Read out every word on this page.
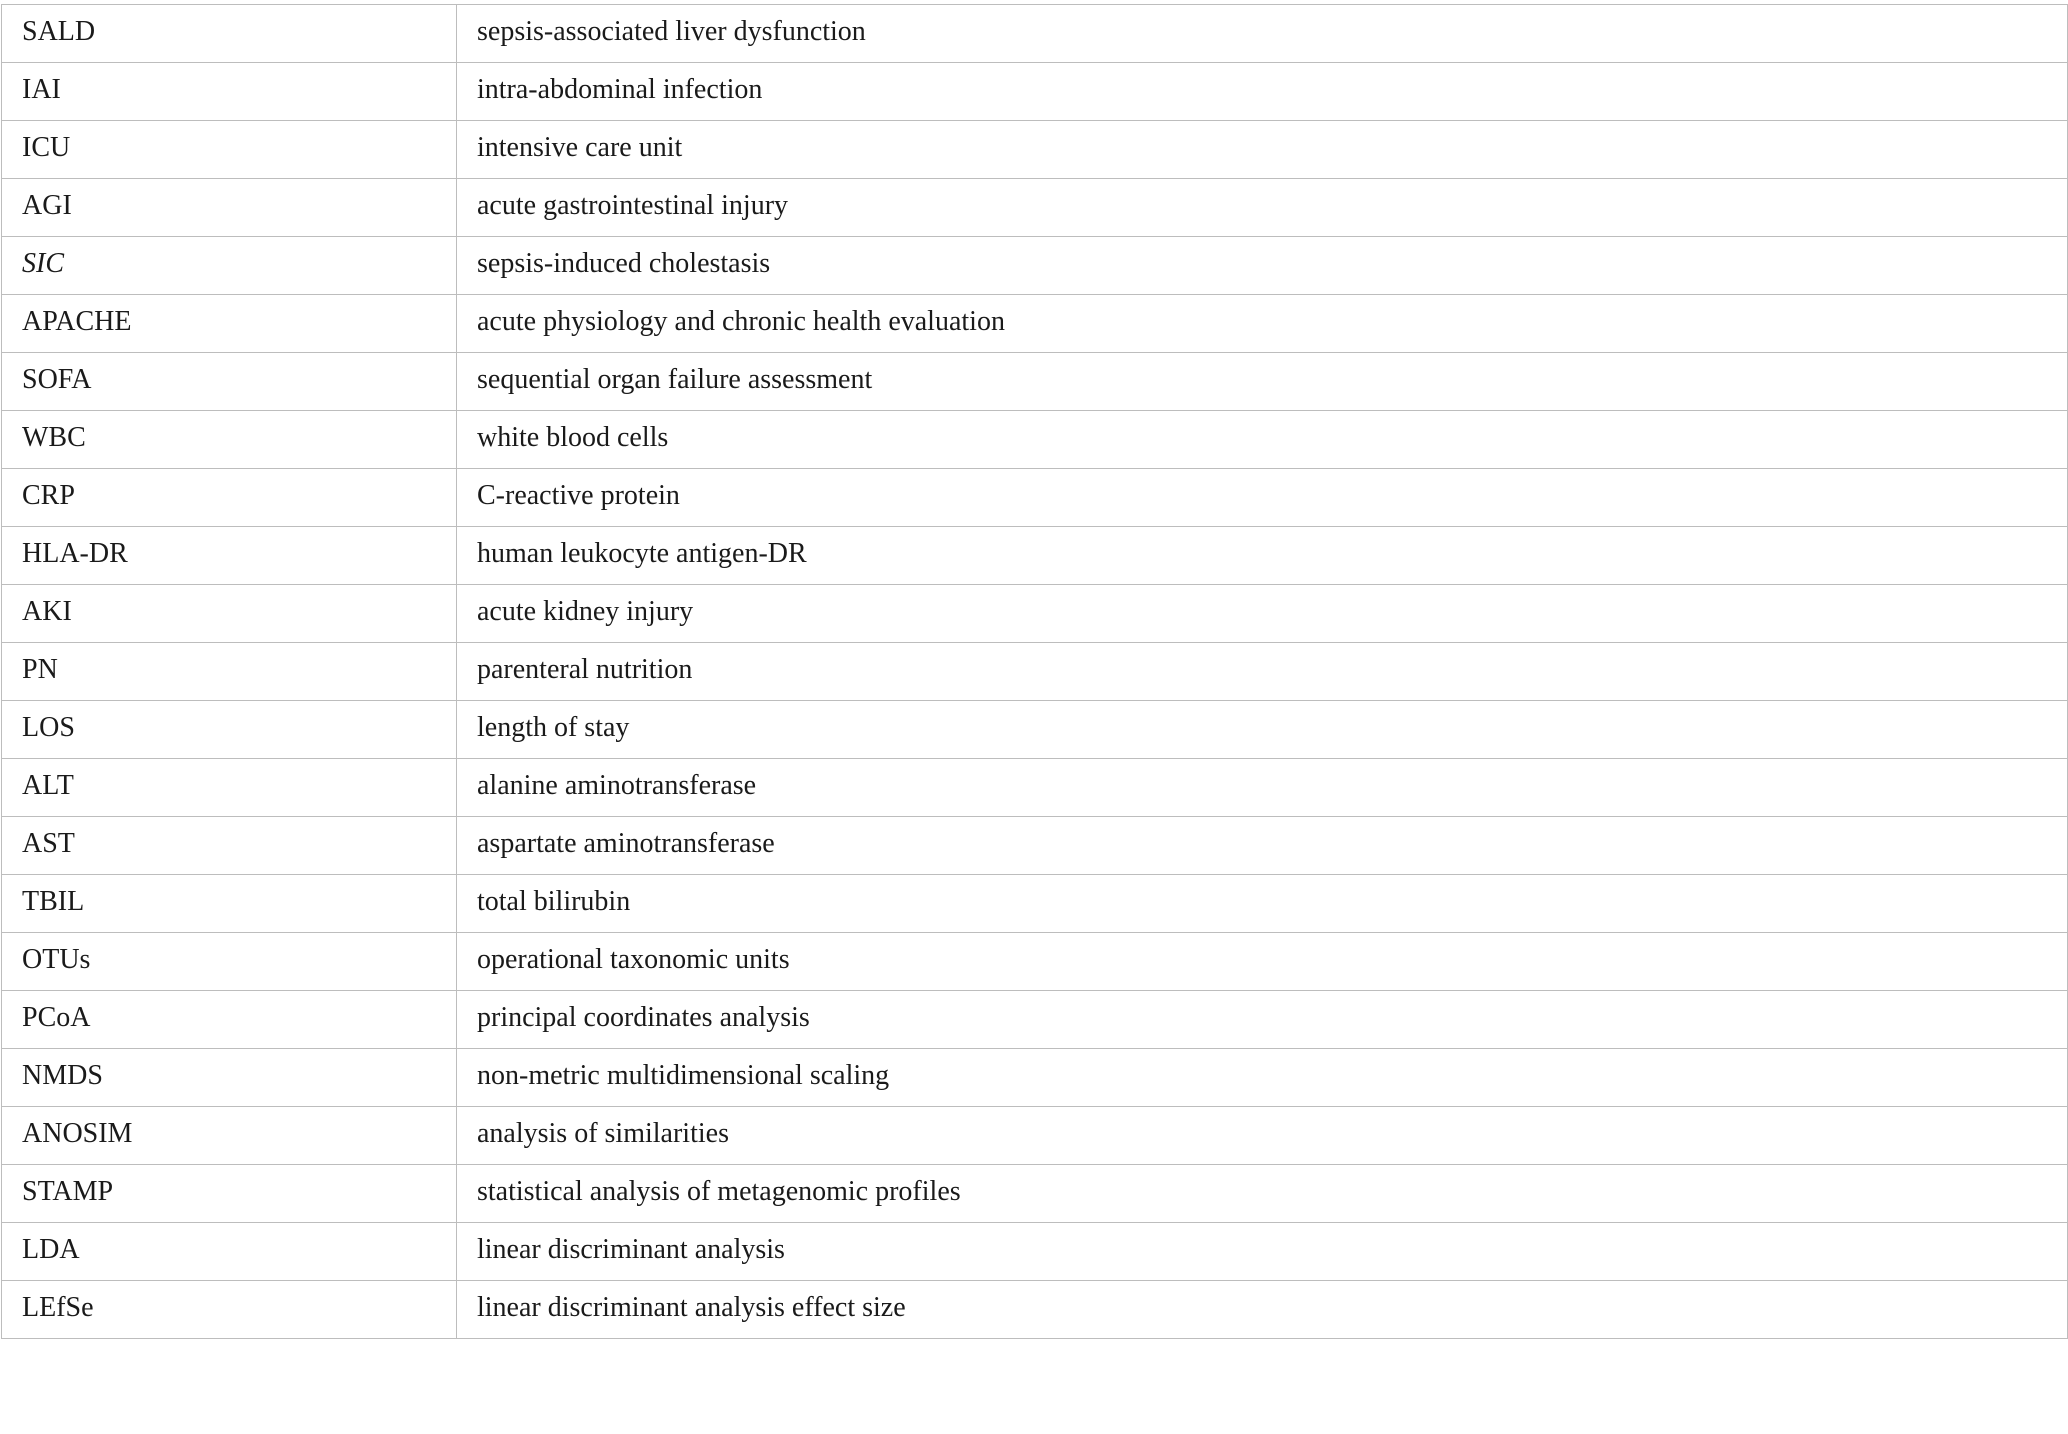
SALD	sepsis-associated liver dysfunction
IAI	intra-abdominal infection
ICU	intensive care unit
AGI	acute gastrointestinal injury
SIC	sepsis-induced cholestasis
APACHE	acute physiology and chronic health evaluation
SOFA	sequential organ failure assessment
WBC	white blood cells
CRP	C-reactive protein
HLA-DR	human leukocyte antigen-DR
AKI	acute kidney injury
PN	parenteral nutrition
LOS	length of stay
ALT	alanine aminotransferase
AST	aspartate aminotransferase
TBIL	total bilirubin
OTUs	operational taxonomic units
PCoA	principal coordinates analysis
NMDS	non-metric multidimensional scaling
ANOSIM	analysis of similarities
STAMP	statistical analysis of metagenomic profiles
LDA	linear discriminant analysis
LEfSe	linear discriminant analysis effect size
